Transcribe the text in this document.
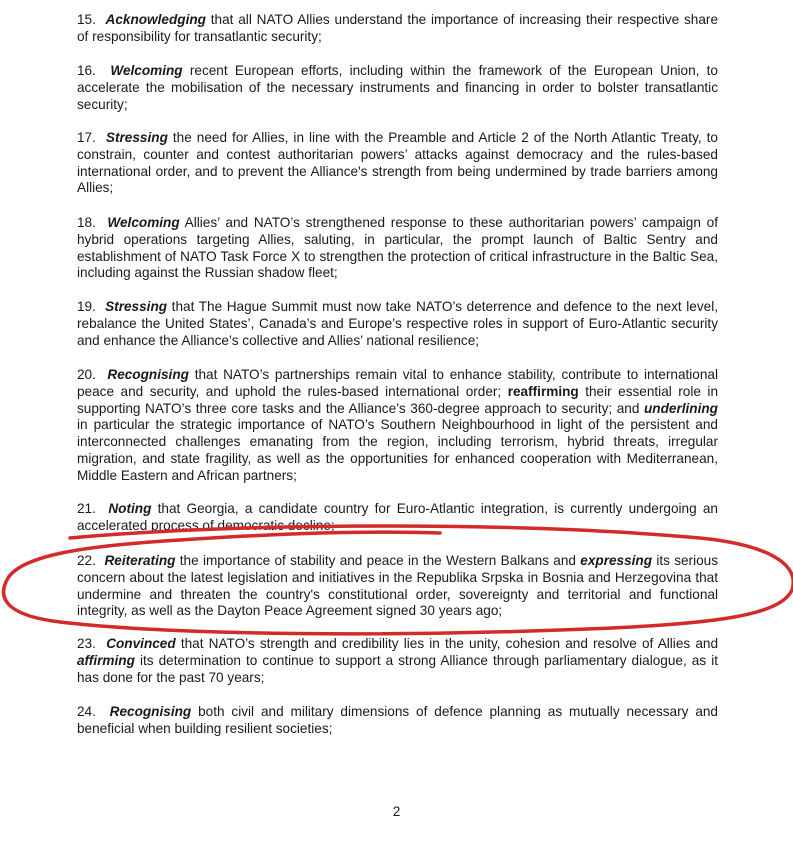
15.  Acknowledging that all NATO Allies understand the importance of increasing their respective share of responsibility for transatlantic security;

16.  Welcoming recent European efforts, including within the framework of the European Union, to accelerate the mobilisation of the necessary instruments and financing in order to bolster transatlantic security;

17.  Stressing the need for Allies, in line with the Preamble and Article 2 of the North Atlantic Treaty, to constrain, counter and contest authoritarian powers’ attacks against democracy and the rules-based international order, and to prevent the Alliance's strength from being undermined by trade barriers among Allies;

18.  Welcoming Allies’ and NATO’s strengthened response to these authoritarian powers’ campaign of hybrid operations targeting Allies, saluting, in particular, the prompt launch of Baltic Sentry and establishment of NATO Task Force X to strengthen the protection of critical infrastructure in the Baltic Sea, including against the Russian shadow fleet;

19.  Stressing that The Hague Summit must now take NATO’s deterrence and defence to the next level, rebalance the United States’, Canada’s and Europe’s respective roles in support of Euro-Atlantic security and enhance the Alliance’s collective and Allies’ national resilience;

20.  Recognising that NATO’s partnerships remain vital to enhance stability, contribute to international peace and security, and uphold the rules-based international order; reaffirming their essential role in supporting NATO’s three core tasks and the Alliance’s 360-degree approach to security; and underlining in particular the strategic importance of NATO’s Southern Neighbourhood in light of the persistent and interconnected challenges emanating from the region, including terrorism, hybrid threats, irregular migration, and state fragility, as well as the opportunities for enhanced cooperation with Mediterranean, Middle Eastern and African partners;

21.  Noting that Georgia, a candidate country for Euro-Atlantic integration, is currently undergoing an accelerated process of democratic decline;

22.  Reiterating the importance of stability and peace in the Western Balkans and expressing its serious concern about the latest legislation and initiatives in the Republika Srpska in Bosnia and Herzegovina that undermine and threaten the country's constitutional order, sovereignty and territorial and functional integrity, as well as the Dayton Peace Agreement signed 30 years ago;

23.  Convinced that NATO’s strength and credibility lies in the unity, cohesion and resolve of Allies and affirming its determination to continue to support a strong Alliance through parliamentary dialogue, as it has done for the past 70 years;

24.  Recognising both civil and military dimensions of defence planning as mutually necessary and beneficial when building resilient societies;

2
